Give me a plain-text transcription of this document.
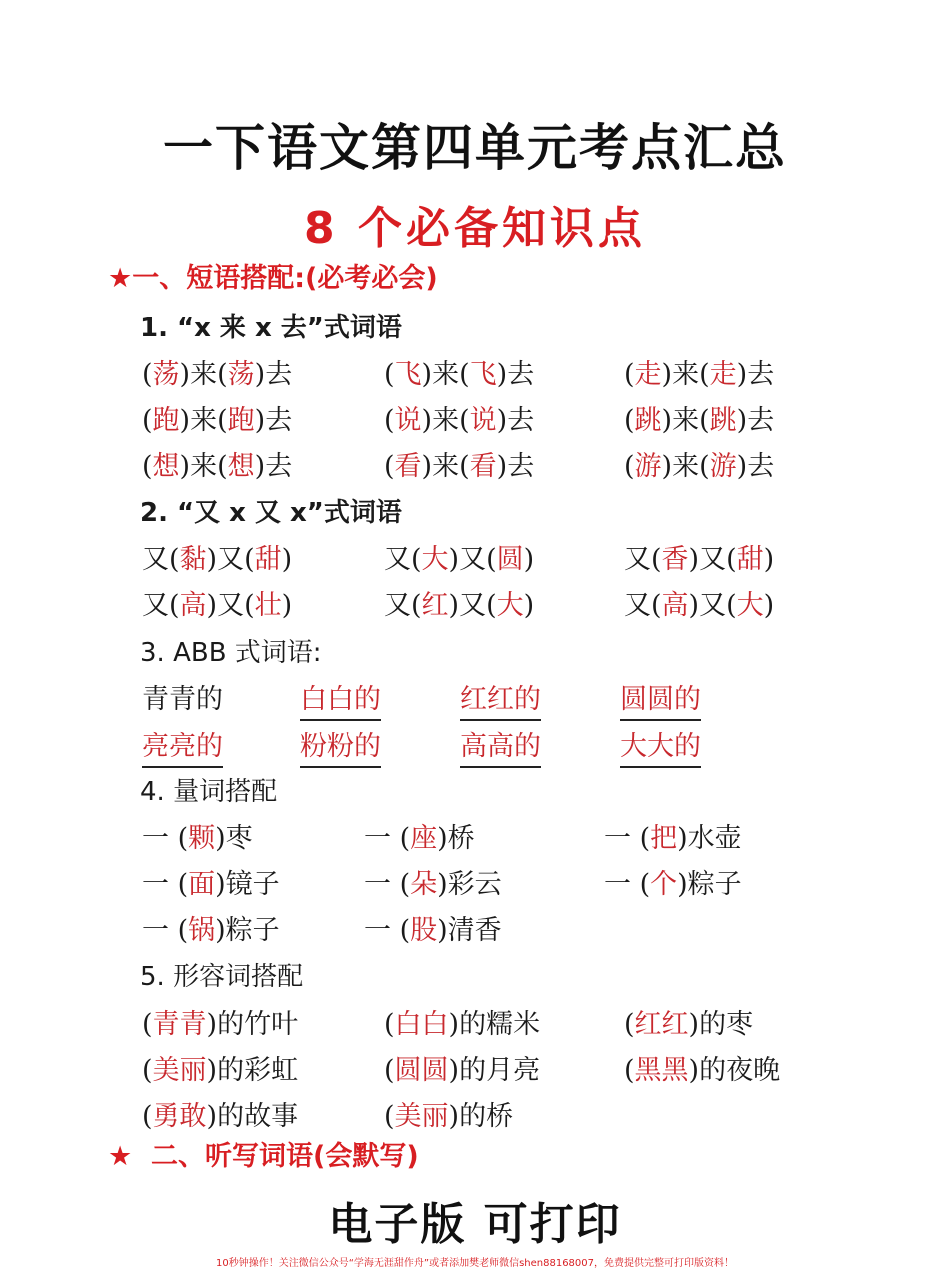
一下语文第四单元考点汇总
8 个必备知识点
★一、短语搭配:(必考必会)
1. “x 来 x 去”式词语
(荡)来(荡)去	(飞)来(飞)去	(走)来(走)去
(跑)来(跑)去	(说)来(说)去	(跳)来(跳)去
(想)来(想)去	(看)来(看)去	(游)来(游)去
2. “又 x 又 x”式词语
又(黏)又(甜)	又(大)又(圆)	又(香)又(甜)
又(高)又(壮)	又(红)又(大)	又(高)又(大)
3. ABB 式词语:
青青的	白白的	红红的	圆圆的
亮亮的	粉粉的	高高的	大大的
4. 量词搭配
一 (颗)枣	一 (座)桥	一 (把)水壶
一 (面)镜子	一 (朵)彩云	一 (个)粽子
一 (锅)粽子	一 (股)清香
5. 形容词搭配
(青青)的竹叶	(白白)的糯米	(红红)的枣
(美丽)的彩虹	(圆圆)的月亮	(黑黑)的夜晚
(勇敢)的故事	(美丽)的桥
★ 二、听写词语(会默写)
电子版 可打印
10秒钟操作！关注微信公众号“学海无涯甜作舟”或者添加樊老师微信shen88168007，免费提供完整可打印版资料！
